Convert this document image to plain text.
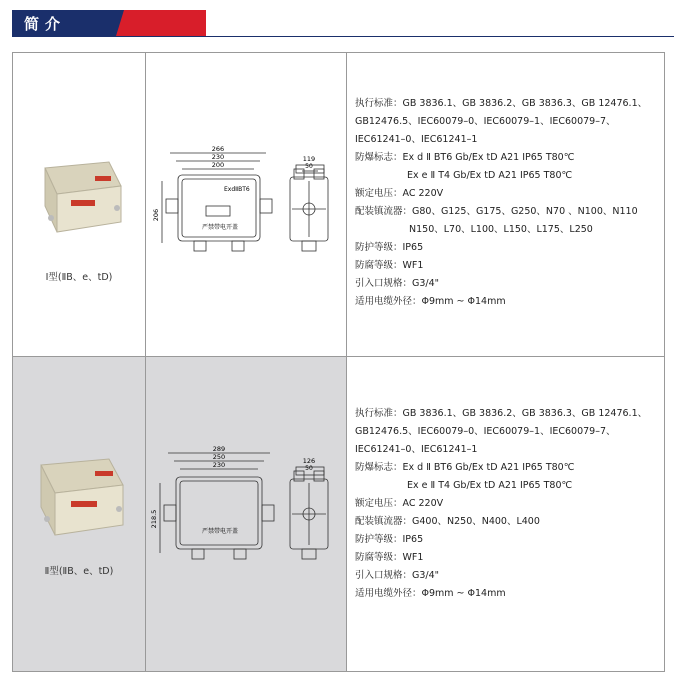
简介
Ⅰ型(ⅡB、e、tD)
266
230
200
206
ExdⅡBT6
严禁带电开盖
119
50
执行标准：GB 3836.1、GB 3836.2、GB 3836.3、GB 12476.1、
GB12476.5、IEC60079–0、IEC60079–1、IEC60079–7、
IEC61241–0、IEC61241–1
防爆标志：Ex d Ⅱ BT6 Gb/Ex tD A21 IP65 T80℃
Ex e Ⅱ T4 Gb/Ex tD A21 IP65 T80℃
额定电压：AC 220V
配装镇流器：G80、G125、G175、G250、N70 、N100、N110
N150、L70、L100、L150、L175、L250
防护等级：IP65
防腐等级：WF1
引入口规格：G3/4"
适用电缆外径：Φ9mm ~ Φ14mm
Ⅱ型(ⅡB、e、tD)
289
250
230
218.5
严禁带电开盖
126
50
执行标准：GB 3836.1、GB 3836.2、GB 3836.3、GB 12476.1、
GB12476.5、IEC60079–0、IEC60079–1、IEC60079–7、
IEC61241–0、IEC61241–1
防爆标志：Ex d Ⅱ BT6 Gb/Ex tD A21 IP65 T80℃
Ex e Ⅱ T4 Gb/Ex tD A21 IP65 T80℃
额定电压：AC 220V
配装镇流器：G400、N250、N400、L400
防护等级：IP65
防腐等级：WF1
引入口规格：G3/4"
适用电缆外径：Φ9mm ~ Φ14mm
